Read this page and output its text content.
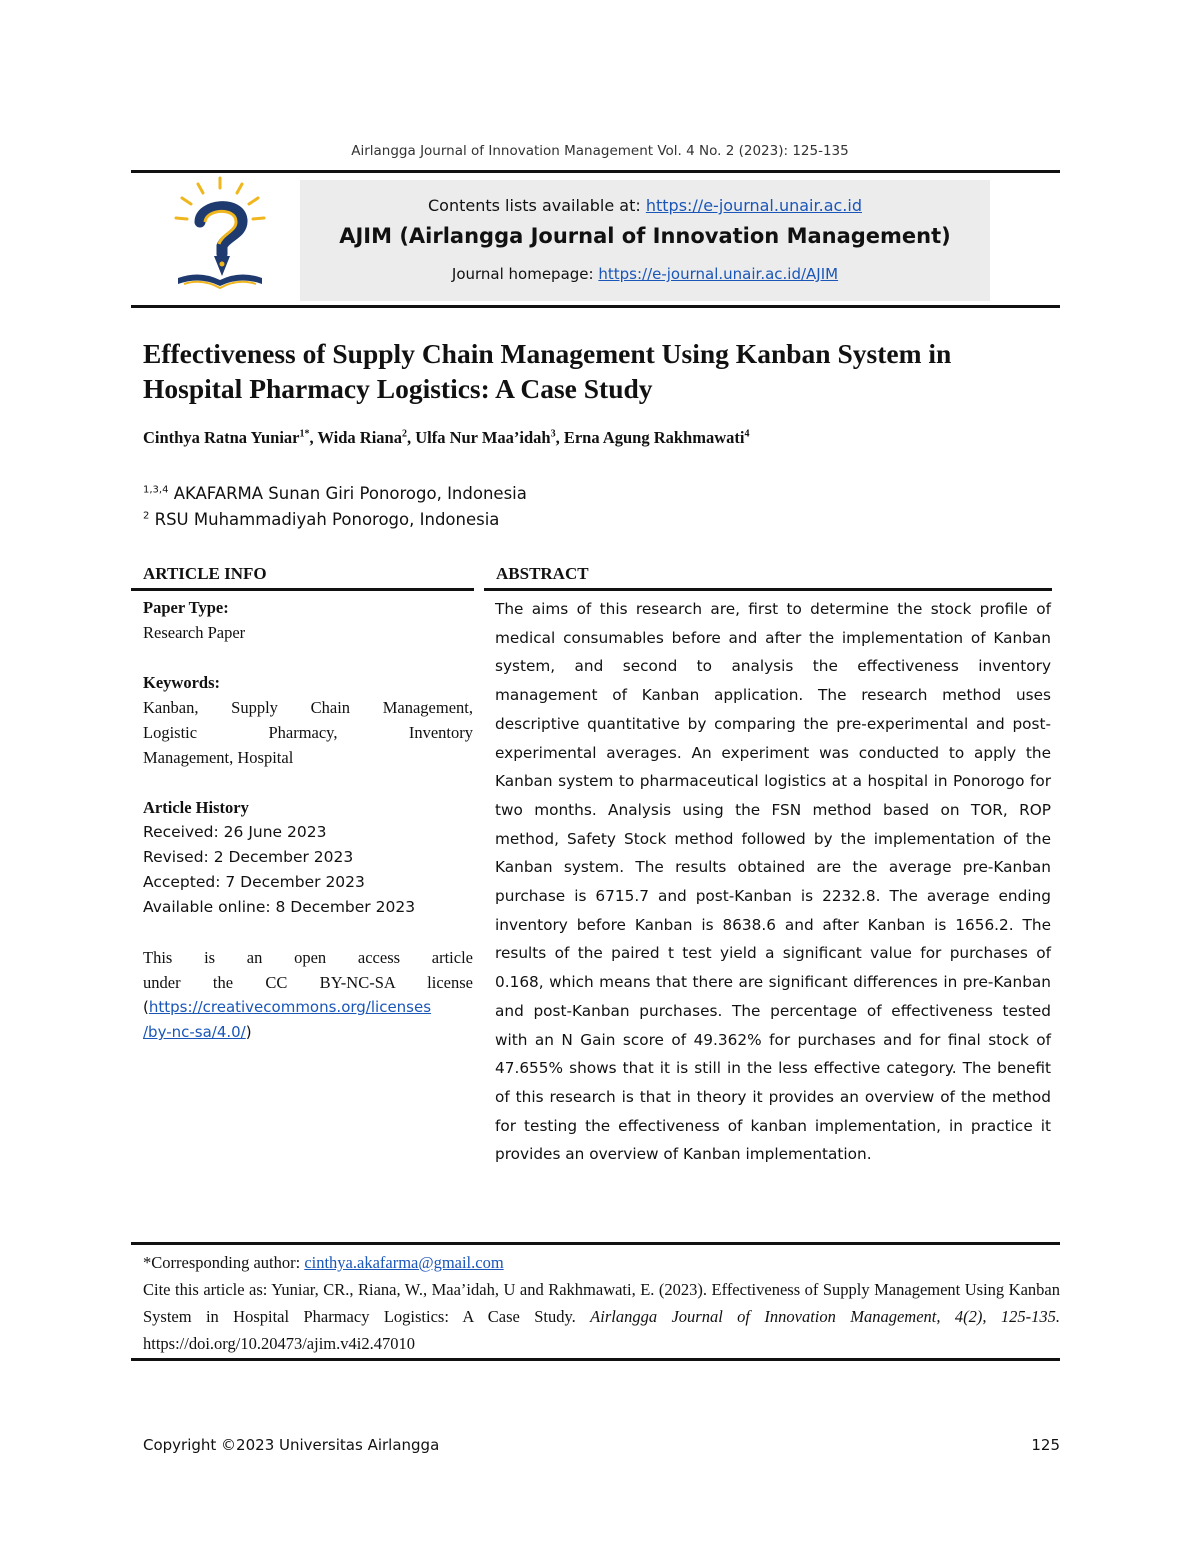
Airlangga Journal of Innovation Management Vol. 4 No. 2 (2023): 125-135
Contents lists available at: https://e-journal.unair.ac.id
AJIM (Airlangga Journal of Innovation Management)
Journal homepage: https://e-journal.unair.ac.id/AJIM
Effectiveness of Supply Chain Management Using Kanban System in
Hospital Pharmacy Logistics: A Case Study
Cinthya Ratna Yuniar$^{1*}$, Wida Riana$^2$, Ulfa Nur Maa’idah$^3$, Erna Agung Rakhmawati$^4$
$^{1,3,4}$ AKAFARMA Sunan Giri Ponorogo, Indonesia
$^2$ RSU Muhammadiyah Ponorogo, Indonesia
ARTICLE INFO	ABSTRACT
Paper Type:
Research Paper
Keywords:
Kanban, Supply Chain Management,
Logistic Pharmacy, Inventory
Management, Hospital
Article History
Received: 26 June 2023
Revised: 2 December 2023
Accepted: 7 December 2023
Available online: 8 December 2023
This is an open access article
under the CC BY-NC-SA license
(https://creativecommons.org/licenses
/by-nc-sa/4.0/)
The aims of this research are, first to determine the stock profile of medical consumables before and after the implementation of Kanban system, and second to analysis the effectiveness inventory management of Kanban application. The research method uses descriptive quantitative by comparing the pre-experimental and post-experimental averages. An experiment was conducted to apply the Kanban system to pharmaceutical logistics at a hospital in Ponorogo for two months. Analysis using the FSN method based on TOR, ROP method, Safety Stock method followed by the implementation of the Kanban system. The results obtained are the average pre-Kanban purchase is 6715.7 and post-Kanban is 2232.8. The average ending inventory before Kanban is 8638.6 and after Kanban is 1656.2. The results of the paired t test yield a significant value for purchases of 0.168, which means that there are significant differences in pre-Kanban and post-Kanban purchases. The percentage of effectiveness tested with an N Gain score of 49.362% for purchases and for final stock of 47.655% shows that it is still in the less effective category. The benefit of this research is that in theory it provides an overview of the method for testing the effectiveness of kanban implementation, in practice it provides an overview of Kanban implementation.
*Corresponding author: cinthya.akafarma@gmail.com
Cite this article as: Yuniar, CR., Riana, W., Maa’idah, U and Rakhmawati, E. (2023). Effectiveness of Supply Management Using Kanban System in Hospital Pharmacy Logistics: A Case Study. Airlangga Journal of Innovation Management, 4(2), 125-135. https://doi.org/10.20473/ajim.v4i2.47010
Copyright ©2023 Universitas Airlangga	125
